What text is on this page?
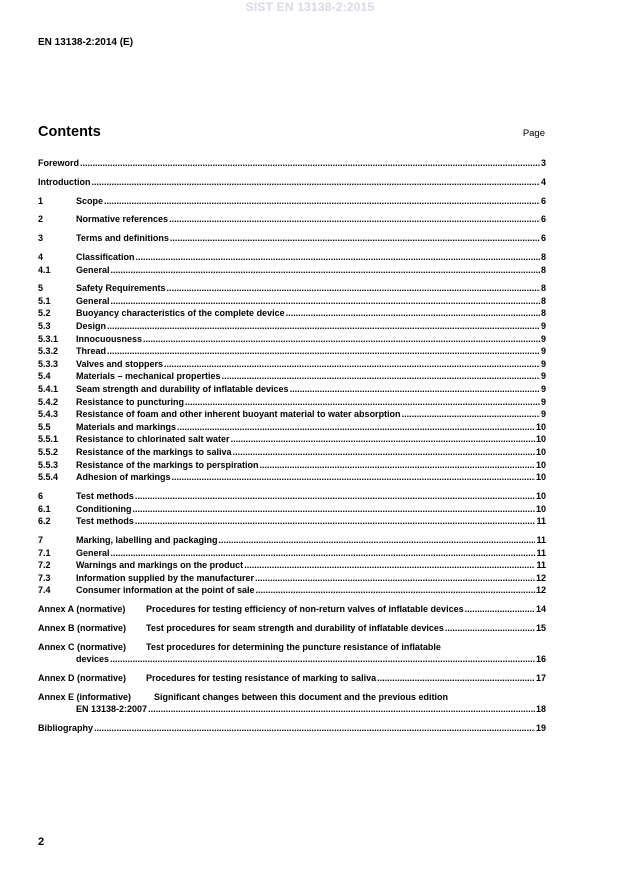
SIST EN 13138-2:2015
EN 13138-2:2014 (E)
Contents	Page
Foreword .....	3
Introduction .....	4
1	Scope .....	6
2	Normative references .....	6
3	Terms and definitions .....	6
4	Classification .....	8
4.1	General .....	8
5	Safety Requirements .....	8
5.1	General .....	8
5.2	Buoyancy characteristics of the complete device .....	8
5.3	Design .....	9
5.3.1 Innocuousness .....	9
5.3.2 Thread .....	9
5.3.3 Valves and stoppers .....	9
5.4	Materials – mechanical properties .....	9
5.4.1 Seam strength and durability of inflatable devices .....	9
5.4.2 Resistance to puncturing .....	9
5.4.3 Resistance of foam and other inherent buoyant material to water absorption .....	9
5.5	Materials and markings .....	10
5.5.1 Resistance to chlorinated salt water .....	10
5.5.2 Resistance of the markings to saliva .....	10
5.5.3 Resistance of the markings to perspiration .....	10
5.5.4 Adhesion of markings .....	10
6	Test methods .....	10
6.1	Conditioning .....	10
6.2	Test methods .....	11
7	Marking, labelling and packaging .....	11
7.1	General .....	11
7.2	Warnings and markings on the product .....	11
7.3	Information supplied by the manufacturer .....	12
7.4	Consumer information at the point of sale .....	12
Annex A (normative) Procedures for testing efficiency of non-return valves of inflatable devices .....	14
Annex B (normative) Test procedures for seam strength and durability of inflatable devices .....	15
Annex C (normative) Test procedures for determining the puncture resistance of inflatable
devices .....	16
Annex D (normative) Procedures for testing resistance of marking to saliva .....	17
Annex E (informative)	Significant changes between this document and the previous edition
EN 13138-2:2007 .....	18
Bibliography .....	19
2
